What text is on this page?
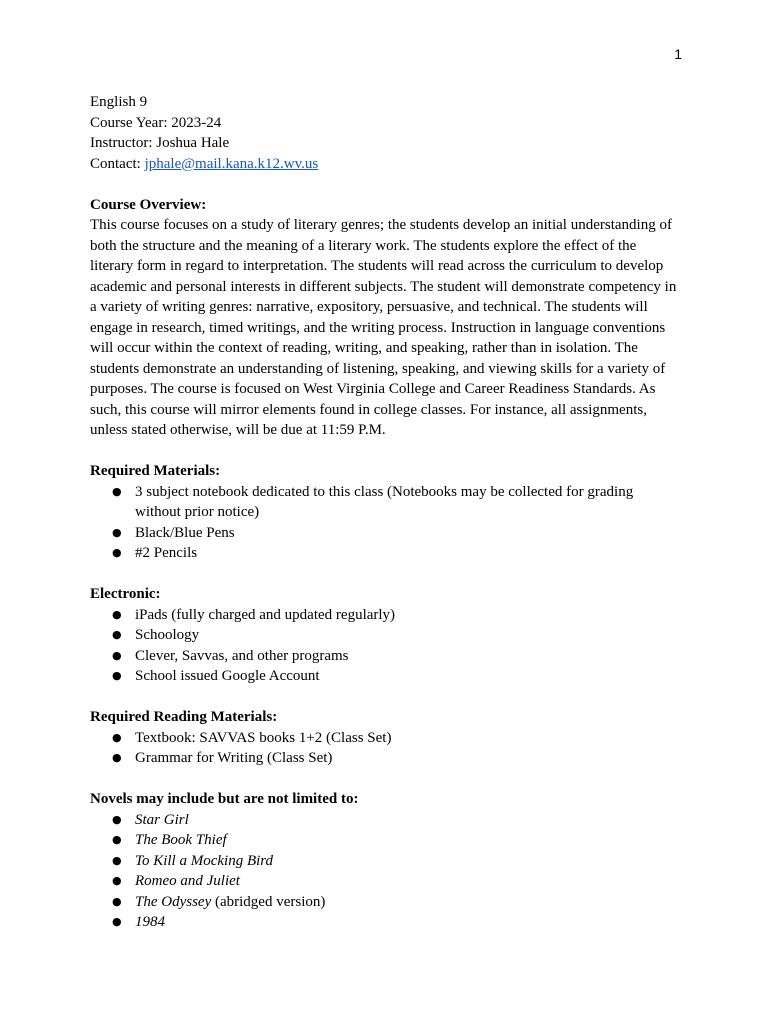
1
English 9
Course Year: 2023-24
Instructor: Joshua Hale
Contact: jphale@mail.kana.k12.wv.us
Course Overview:

This course focuses on a study of literary genres; the students develop an initial understanding of both the structure and the meaning of a literary work. The students explore the effect of the literary form in regard to interpretation. The students will read across the curriculum to develop academic and personal interests in different subjects. The student will demonstrate competency in a variety of writing genres: narrative, expository, persuasive, and technical. The students will engage in research, timed writings, and the writing process. Instruction in language conventions will occur within the context of reading, writing, and speaking, rather than in isolation. The students demonstrate an understanding of listening, speaking, and viewing skills for a variety of purposes. The course is focused on West Virginia College and Career Readiness Standards. As such, this course will mirror elements found in college classes. For instance, all assignments, unless stated otherwise, will be due at 11:59 P.M.

Required Materials:
● 3 subject notebook dedicated to this class (Notebooks may be collected for grading without prior notice)
● Black/Blue Pens
● #2 Pencils
Electronic:
● iPads (fully charged and updated regularly)
● Schoology
● Clever, Savvas, and other programs
● School issued Google Account
Required Reading Materials:
● Textbook: SAVVAS books 1+2 (Class Set)
● Grammar for Writing (Class Set)
Novels may include but are not limited to:
● Star Girl
● The Book Thief
● To Kill a Mocking Bird
● Romeo and Juliet
● The Odyssey (abridged version)
● 1984
